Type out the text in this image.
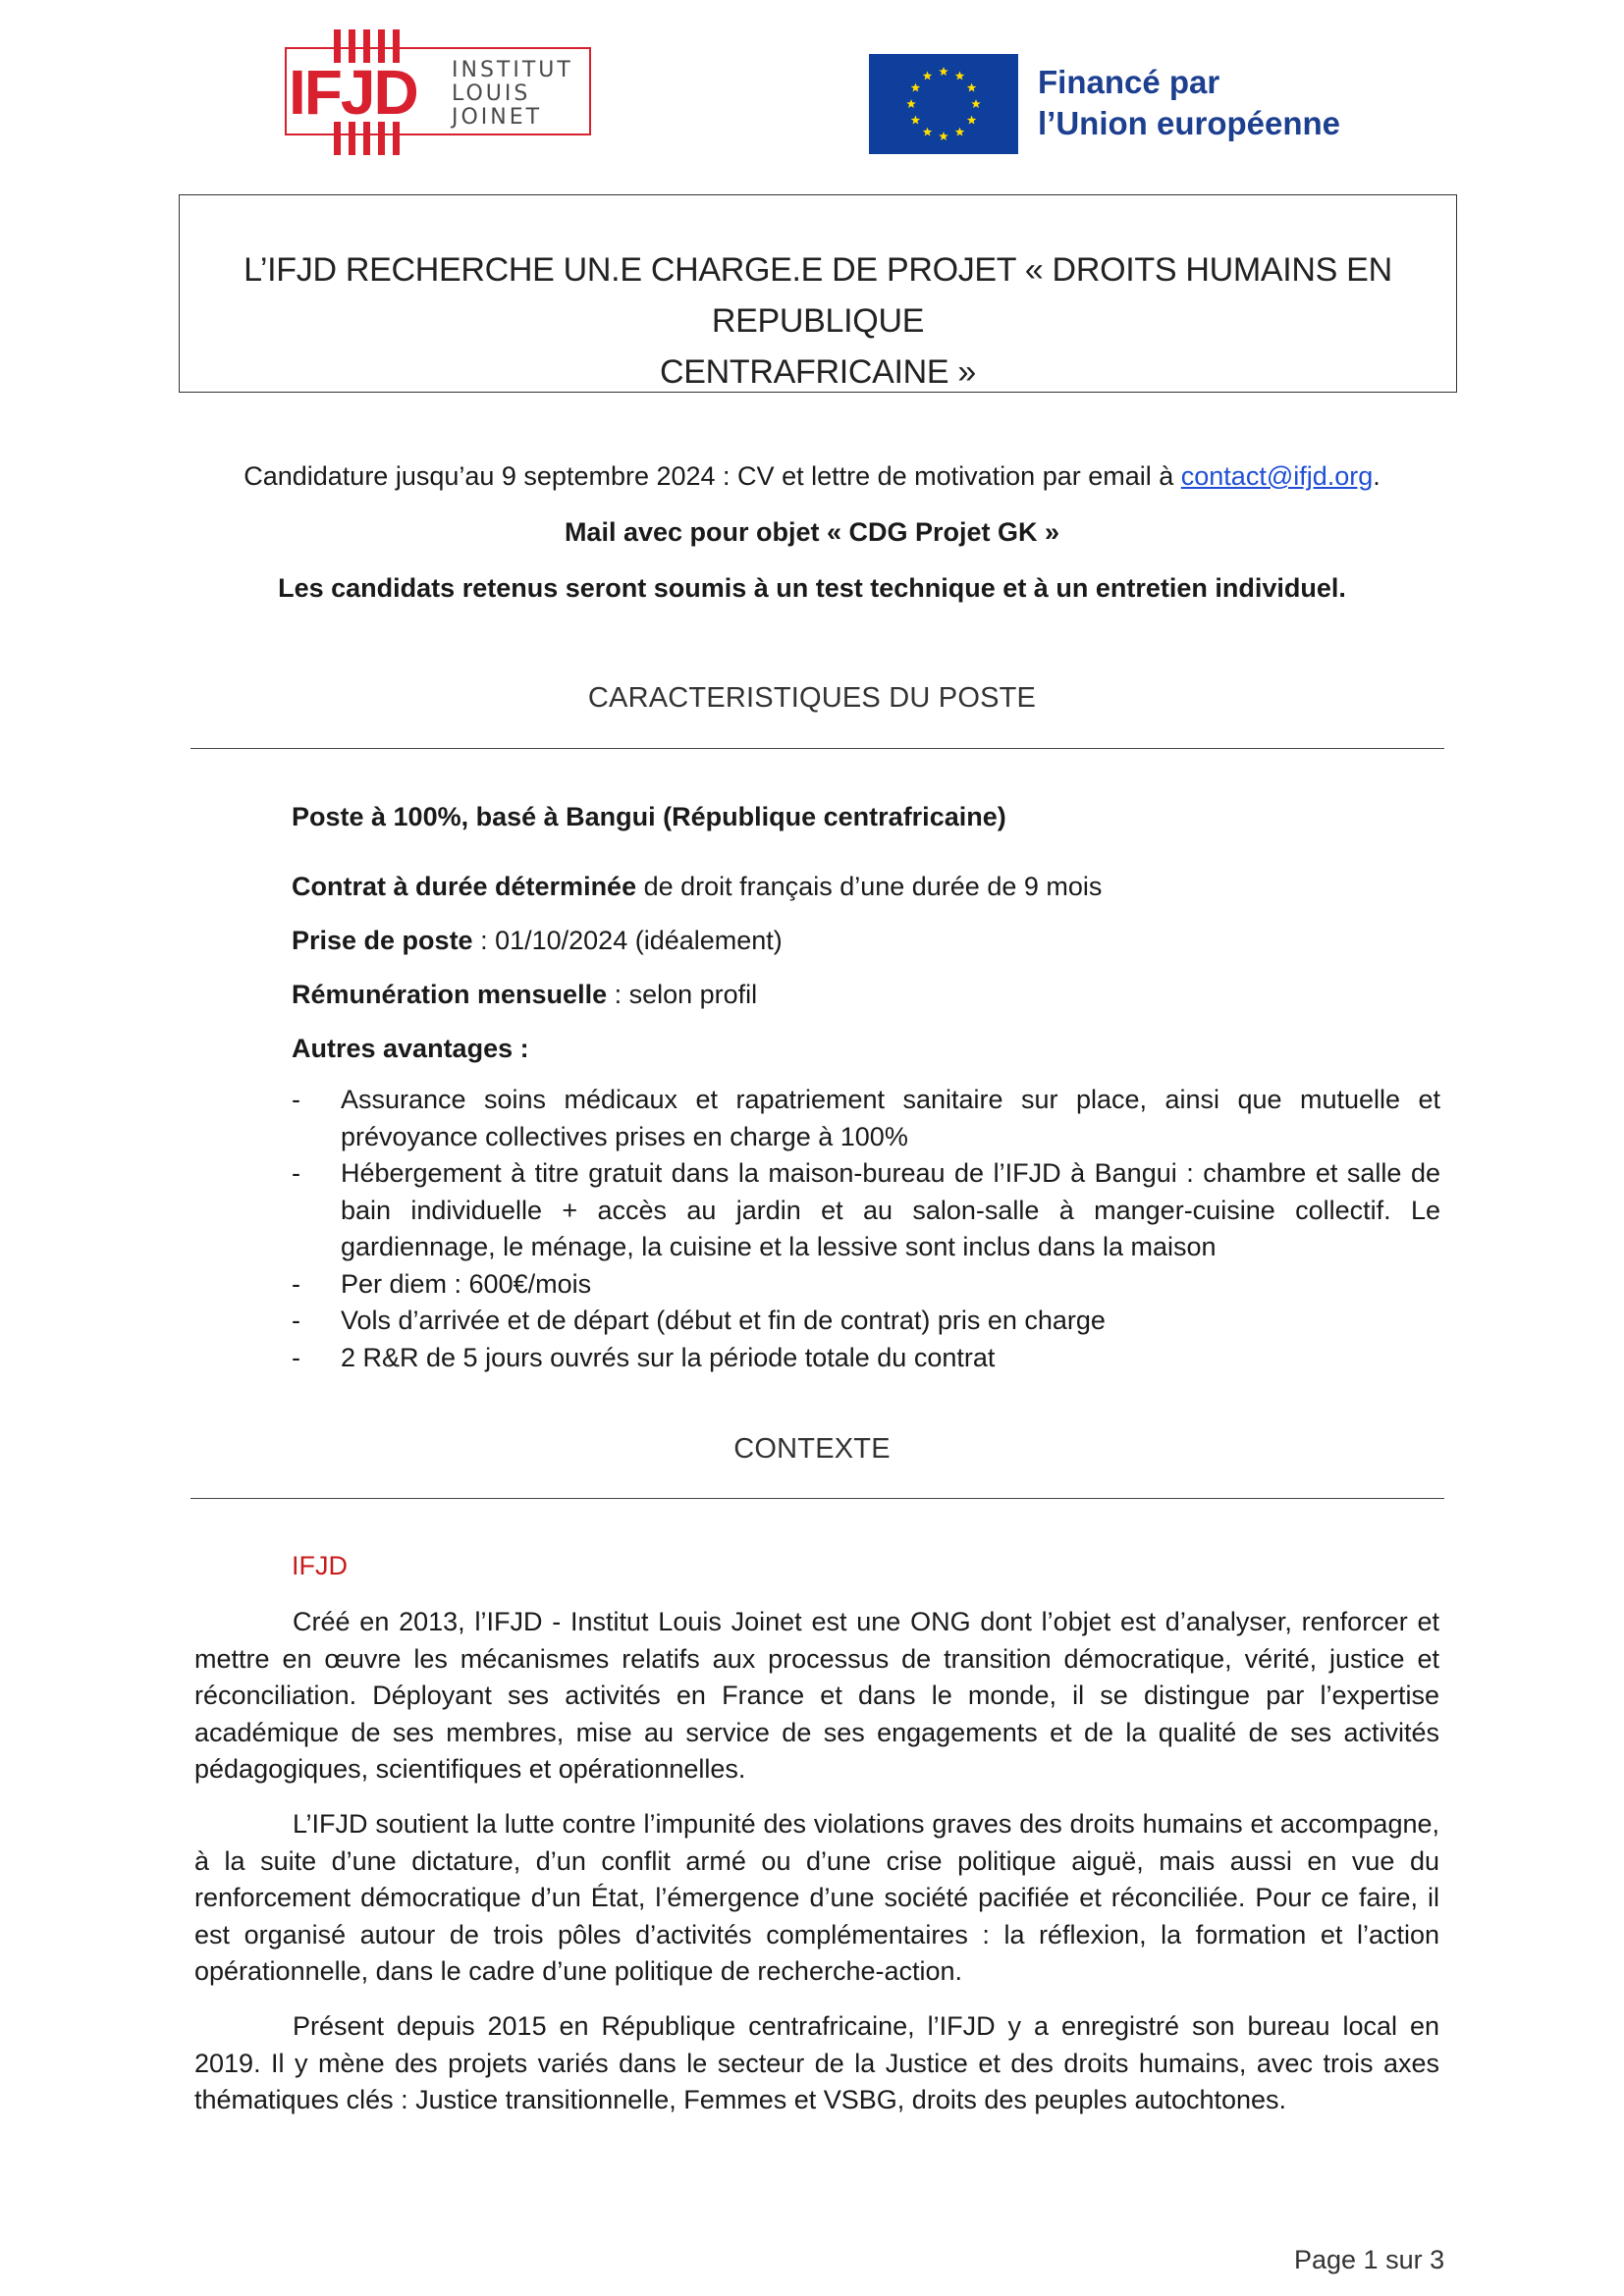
IFJD	INSTITUT
LOUIS
JOINET
Financé par
l’Union européenne
L’IFJD RECHERCHE UN.E CHARGE.E DE PROJET « DROITS HUMAINS EN REPUBLIQUE
CENTRAFRICAINE »
Candidature jusqu’au 9 septembre 2024 : CV et lettre de motivation par email à contact@ifjd.org.
Mail avec pour objet « CDG Projet GK »
Les candidats retenus seront soumis à un test technique et à un entretien individuel.
CARACTERISTIQUES DU POSTE
Poste à 100%, basé à Bangui (République centrafricaine)
Contrat à durée déterminée de droit français d’une durée de 9 mois
Prise de poste : 01/10/2024 (idéalement)
Rémunération mensuelle : selon profil
Autres avantages :
- Assurance soins médicaux et rapatriement sanitaire sur place, ainsi que mutuelle et prévoyance collectives prises en charge à 100%
- Hébergement à titre gratuit dans la maison-bureau de l’IFJD à Bangui : chambre et salle de bain individuelle + accès au jardin et au salon-salle à manger-cuisine collectif. Le gardiennage, le ménage, la cuisine et la lessive sont inclus dans la maison
- Per diem : 600€/mois
- Vols d’arrivée et de départ (début et fin de contrat) pris en charge
- 2 R&R de 5 jours ouvrés sur la période totale du contrat
CONTEXTE
IFJD
Créé en 2013, l’IFJD - Institut Louis Joinet est une ONG dont l’objet est d’analyser, renforcer et mettre en œuvre les mécanismes relatifs aux processus de transition démocratique, vérité, justice et réconciliation. Déployant ses activités en France et dans le monde, il se distingue par l’expertise académique de ses membres, mise au service de ses engagements et de la qualité de ses activités pédagogiques, scientifiques et opérationnelles.
L’IFJD soutient la lutte contre l’impunité des violations graves des droits humains et accompagne, à la suite d’une dictature, d’un conflit armé ou d’une crise politique aiguë, mais aussi en vue du renforcement démocratique d’un État, l’émergence d’une société pacifiée et réconciliée. Pour ce faire, il est organisé autour de trois pôles d’activités complémentaires : la réflexion, la formation et l’action opérationnelle, dans le cadre d’une politique de recherche-action.
Présent depuis 2015 en République centrafricaine, l’IFJD y a enregistré son bureau local en 2019. Il y mène des projets variés dans le secteur de la Justice et des droits humains, avec trois axes thématiques clés : Justice transitionnelle, Femmes et VSBG, droits des peuples autochtones.
Page 1 sur 3
